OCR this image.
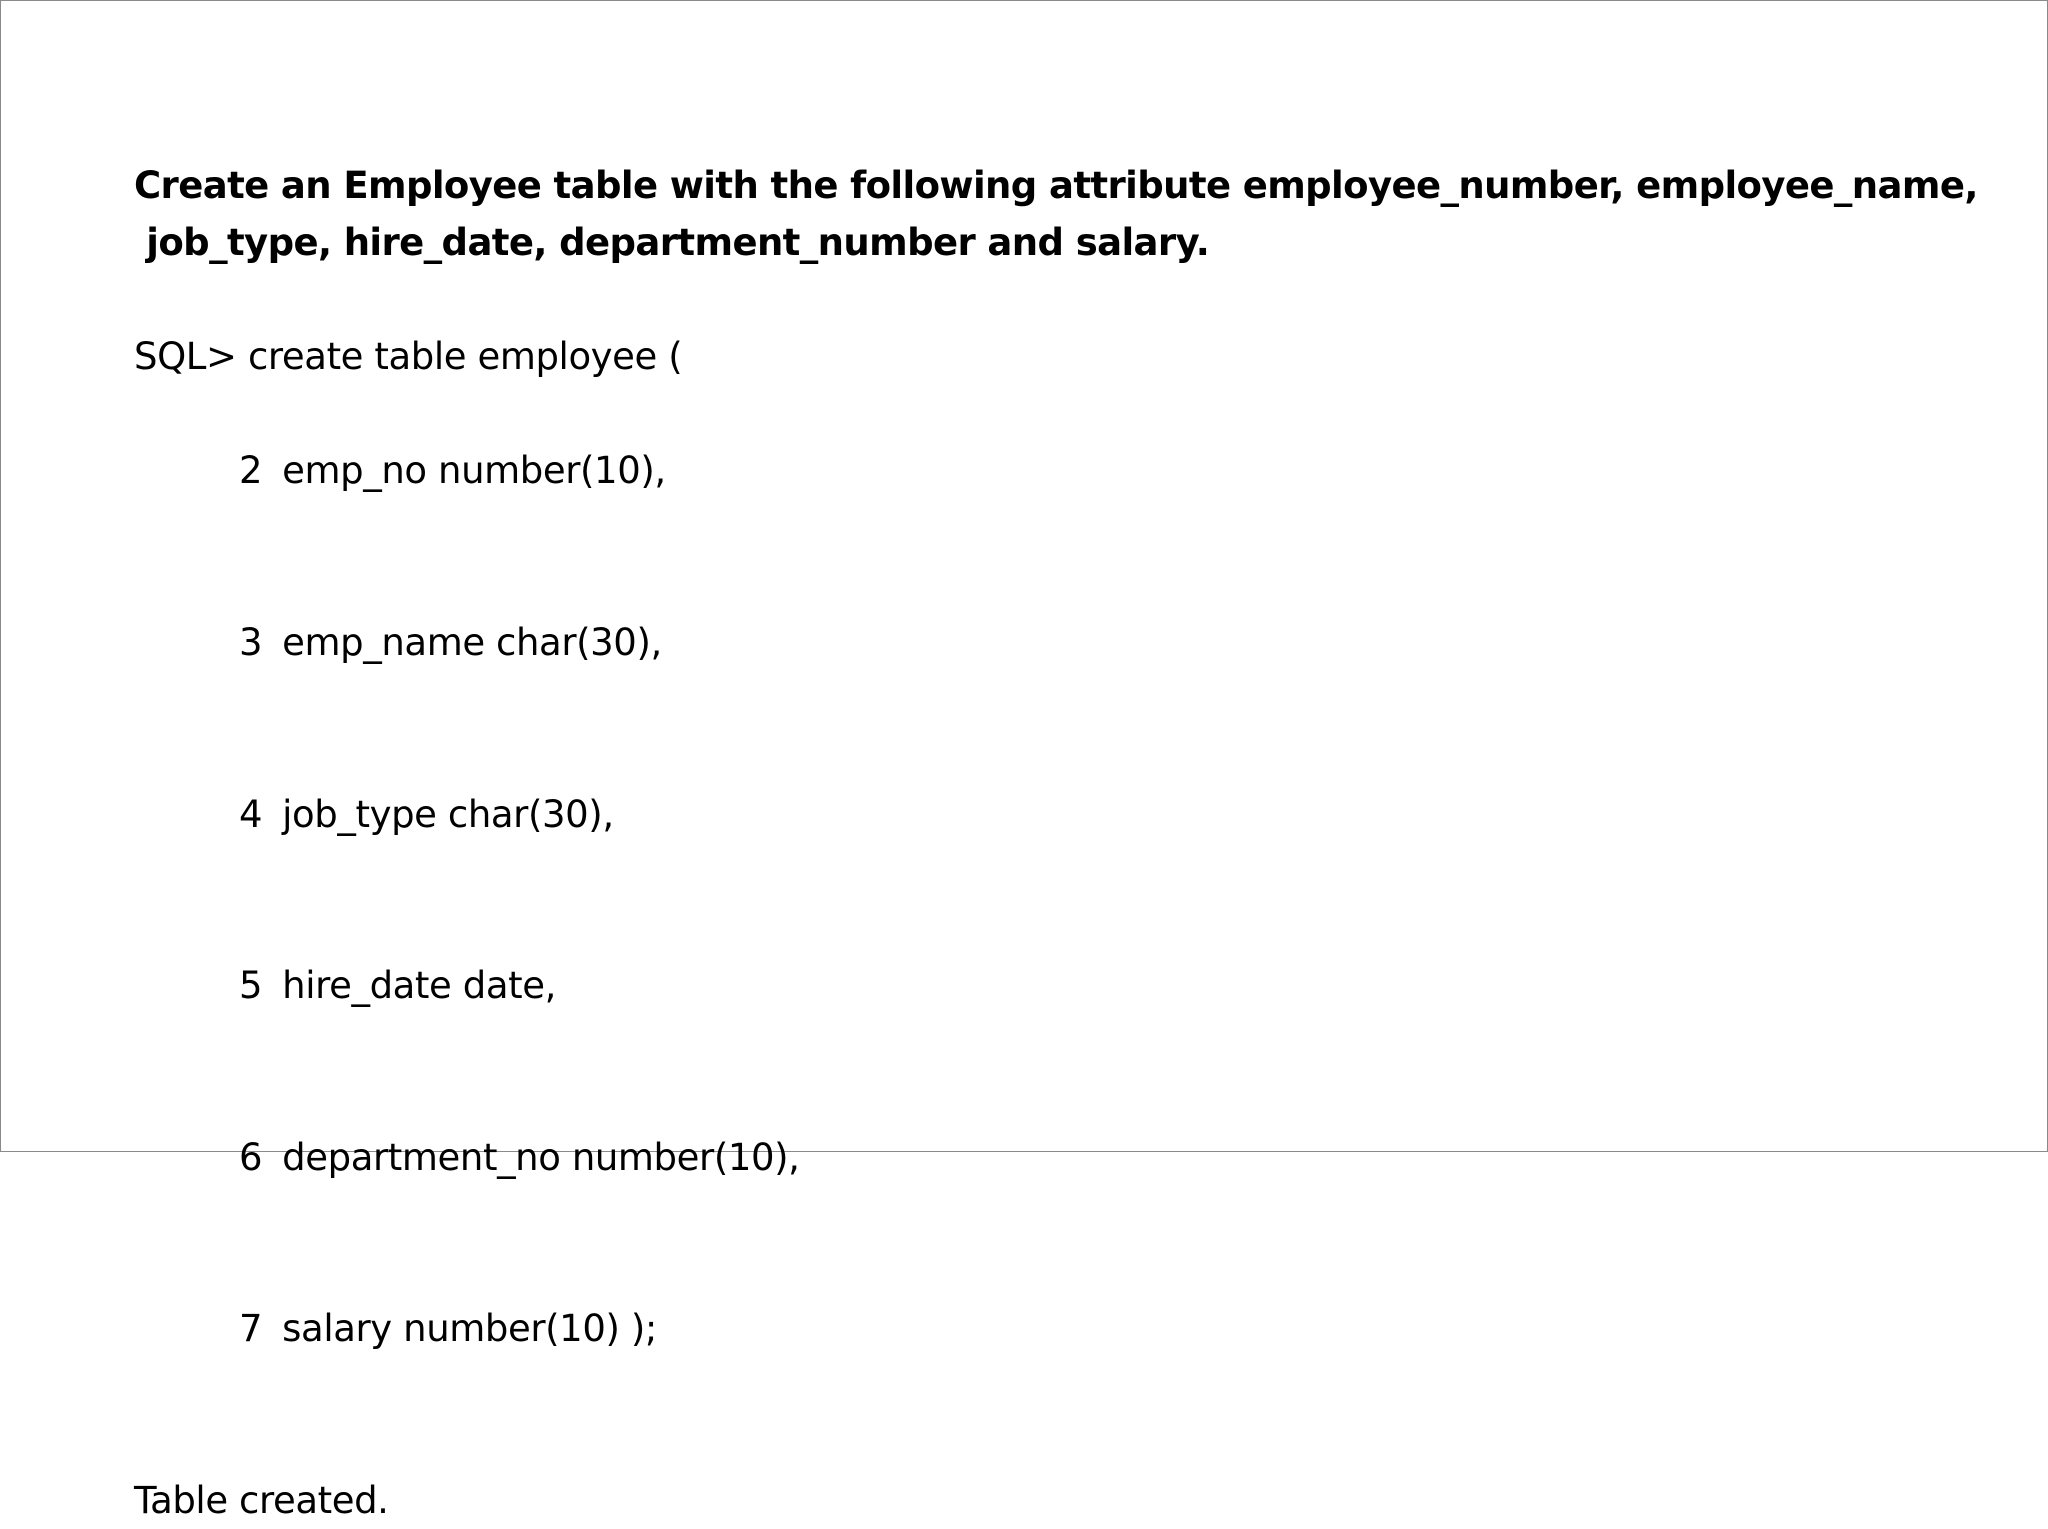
Create an Employee table with the following attribute employee_number, employee_name,
job_type, hire_date, department_number and salary.
SQL> create table employee (

2 emp_no number(10),

3 emp_name char(30),

4 job_type char(30),

5 hire_date date,

6 department_no number(10),

7 salary number(10) );

Table created.
